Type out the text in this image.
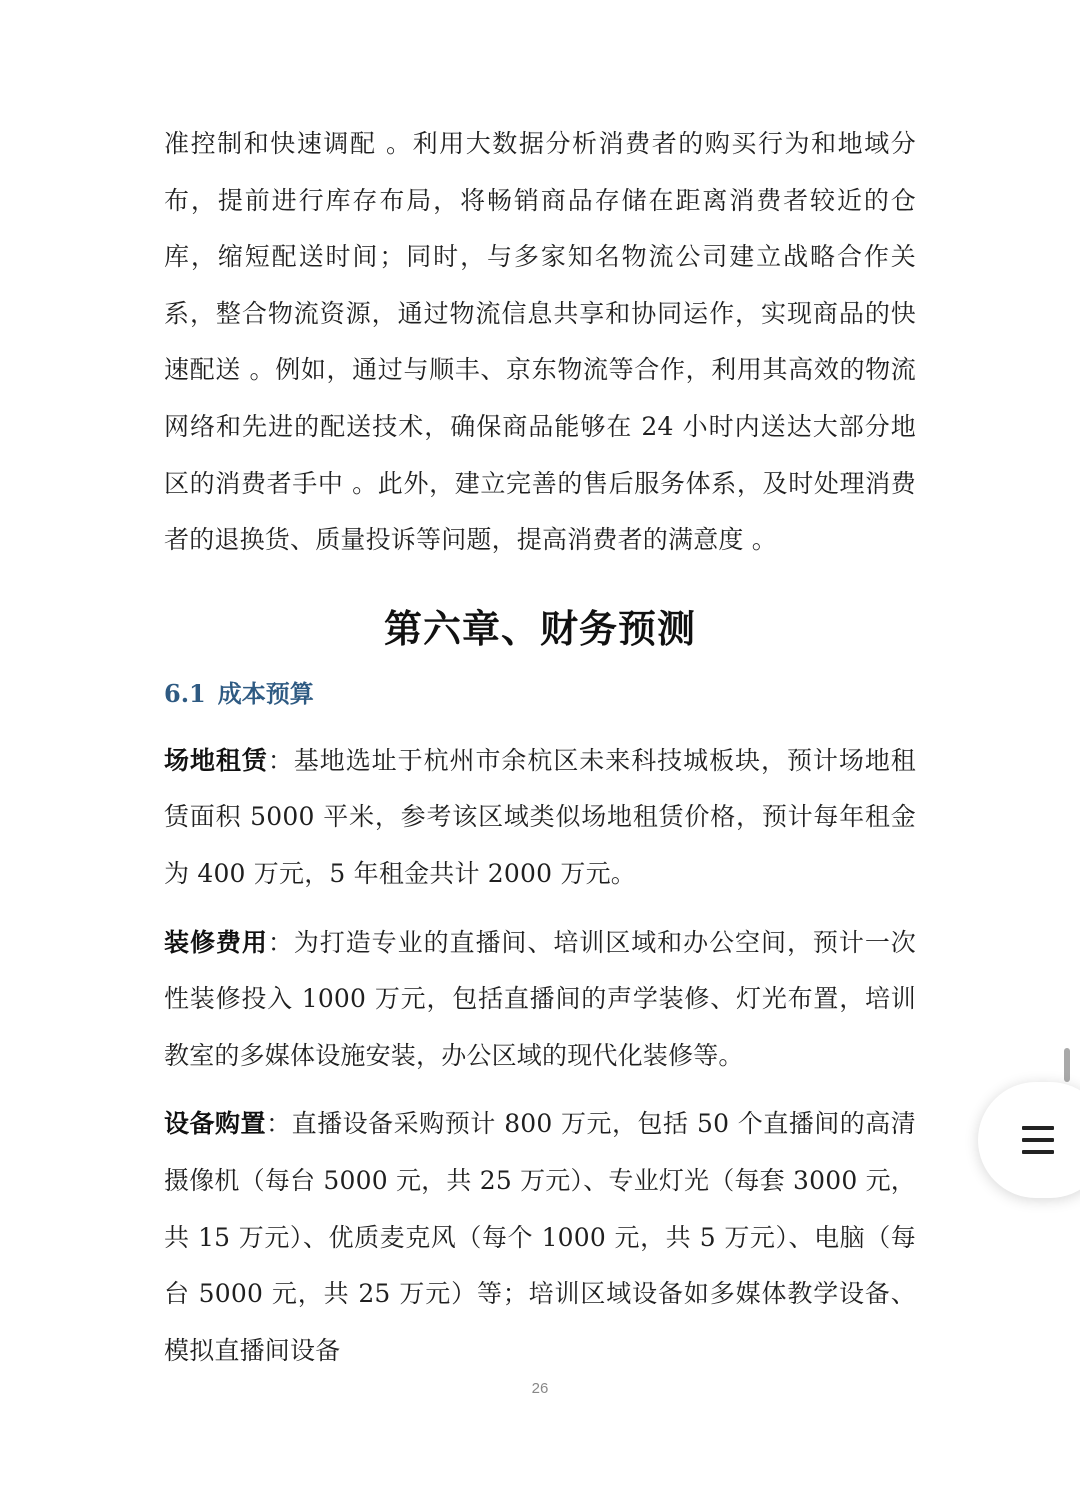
准控制和快速调配 。利用大数据分析消费者的购买行为和地域分布，提前进行库存布局，将畅销商品存储在距离消费者较近的仓库，缩短配送时间；同时，与多家知名物流公司建立战略合作关系，整合物流资源，通过物流信息共享和协同运作，实现商品的快速配送 。例如，通过与顺丰、京东物流等合作，利用其高效的物流网络和先进的配送技术，确保商品能够在 24 小时内送达大部分地区的消费者手中 。此外，建立完善的售后服务体系，及时处理消费者的退换货、质量投诉等问题，提高消费者的满意度 。

第六章、财务预测
6.1 成本预算

场地租赁：基地选址于杭州市余杭区未来科技城板块，预计场地租赁面积 5000 平米，参考该区域类似场地租赁价格，预计每年租金为 400 万元，5 年租金共计 2000 万元。

装修费用：为打造专业的直播间、培训区域和办公空间，预计一次性装修投入 1000 万元，包括直播间的声学装修、灯光布置，培训教室的多媒体设施安装，办公区域的现代化装修等。

设备购置：直播设备采购预计 800 万元，包括 50 个直播间的高清摄像机（每台 5000 元，共 25 万元）、专业灯光（每套 3000 元，共 15 万元）、优质麦克风（每个 1000 元，共 5 万元）、电脑（每台 5000 元，共 25 万元）等；培训区域设备如多媒体教学设备、模拟直播间设备

26
